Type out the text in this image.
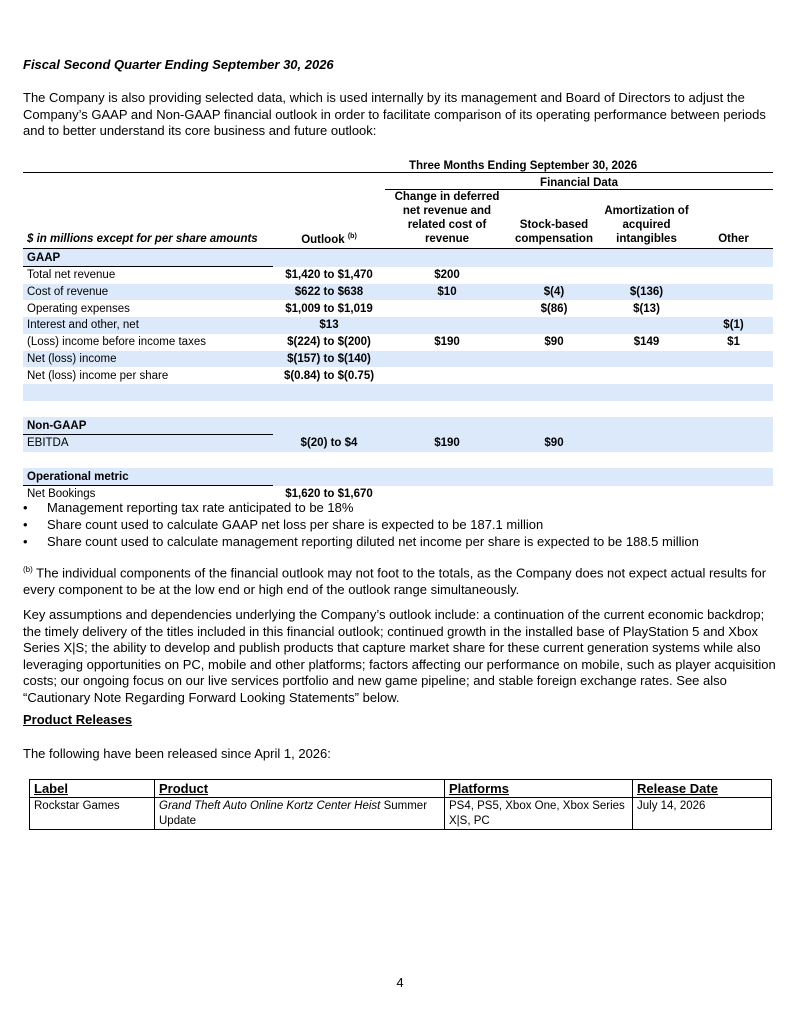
Fiscal Second Quarter Ending September 30, 2026
The Company is also providing selected data, which is used internally by its management and Board of Directors to adjust the Company’s GAAP and Non-GAAP financial outlook in order to facilitate comparison of its operating performance between periods and to better understand its core business and future outlook:
	Three Months Ending September 30, 2026				
		Financial Data			
$ in millions except for per share amounts	Outlook $^{(b)}$	Change in deferred net revenue and related cost of revenue	Stock-based compensation	Amortization of acquired intangibles	Other
GAAP					
Total net revenue	$1,420 to $1,470	$200			
Cost of revenue	$622 to $638	$10	$(4)	$(136)	
Operating expenses	$1,009 to $1,019		$(86)	$(13)	
Interest and other, net	$13				$(1)
(Loss) income before income taxes	$(224) to $(200)	$190	$90	$149	$1
Net (loss) income	$(157) to $(140)				
Net (loss) income per share	$(0.84) to $(0.75)				

Non-GAAP					
EBITDA	$(20) to $4	$190	$90		

Operational metric					
Net Bookings	$1,620 to $1,670				
• Management reporting tax rate anticipated to be 18%
• Share count used to calculate GAAP net loss per share is expected to be 187.1 million
• Share count used to calculate management reporting diluted net income per share is expected to be 188.5 million
$^{(b)}$ The individual components of the financial outlook may not foot to the totals, as the Company does not expect actual results for every component to be at the low end or high end of the outlook range simultaneously.
Key assumptions and dependencies underlying the Company’s outlook include: a continuation of the current economic backdrop; the timely delivery of the titles included in this financial outlook; continued growth in the installed base of PlayStation 5 and Xbox Series X|S; the ability to develop and publish products that capture market share for these current generation systems while also leveraging opportunities on PC, mobile and other platforms; factors affecting our performance on mobile, such as player acquisition costs; our ongoing focus on our live services portfolio and new game pipeline; and stable foreign exchange rates. See also “Cautionary Note Regarding Forward Looking Statements” below.
Product Releases
The following have been released since April 1, 2026:
Label	Product	Platforms	Release Date
Rockstar Games	Grand Theft Auto Online Kortz Center Heist Summer Update	PS4, PS5, Xbox One, Xbox Series X|S, PC	July 14, 2026
4
